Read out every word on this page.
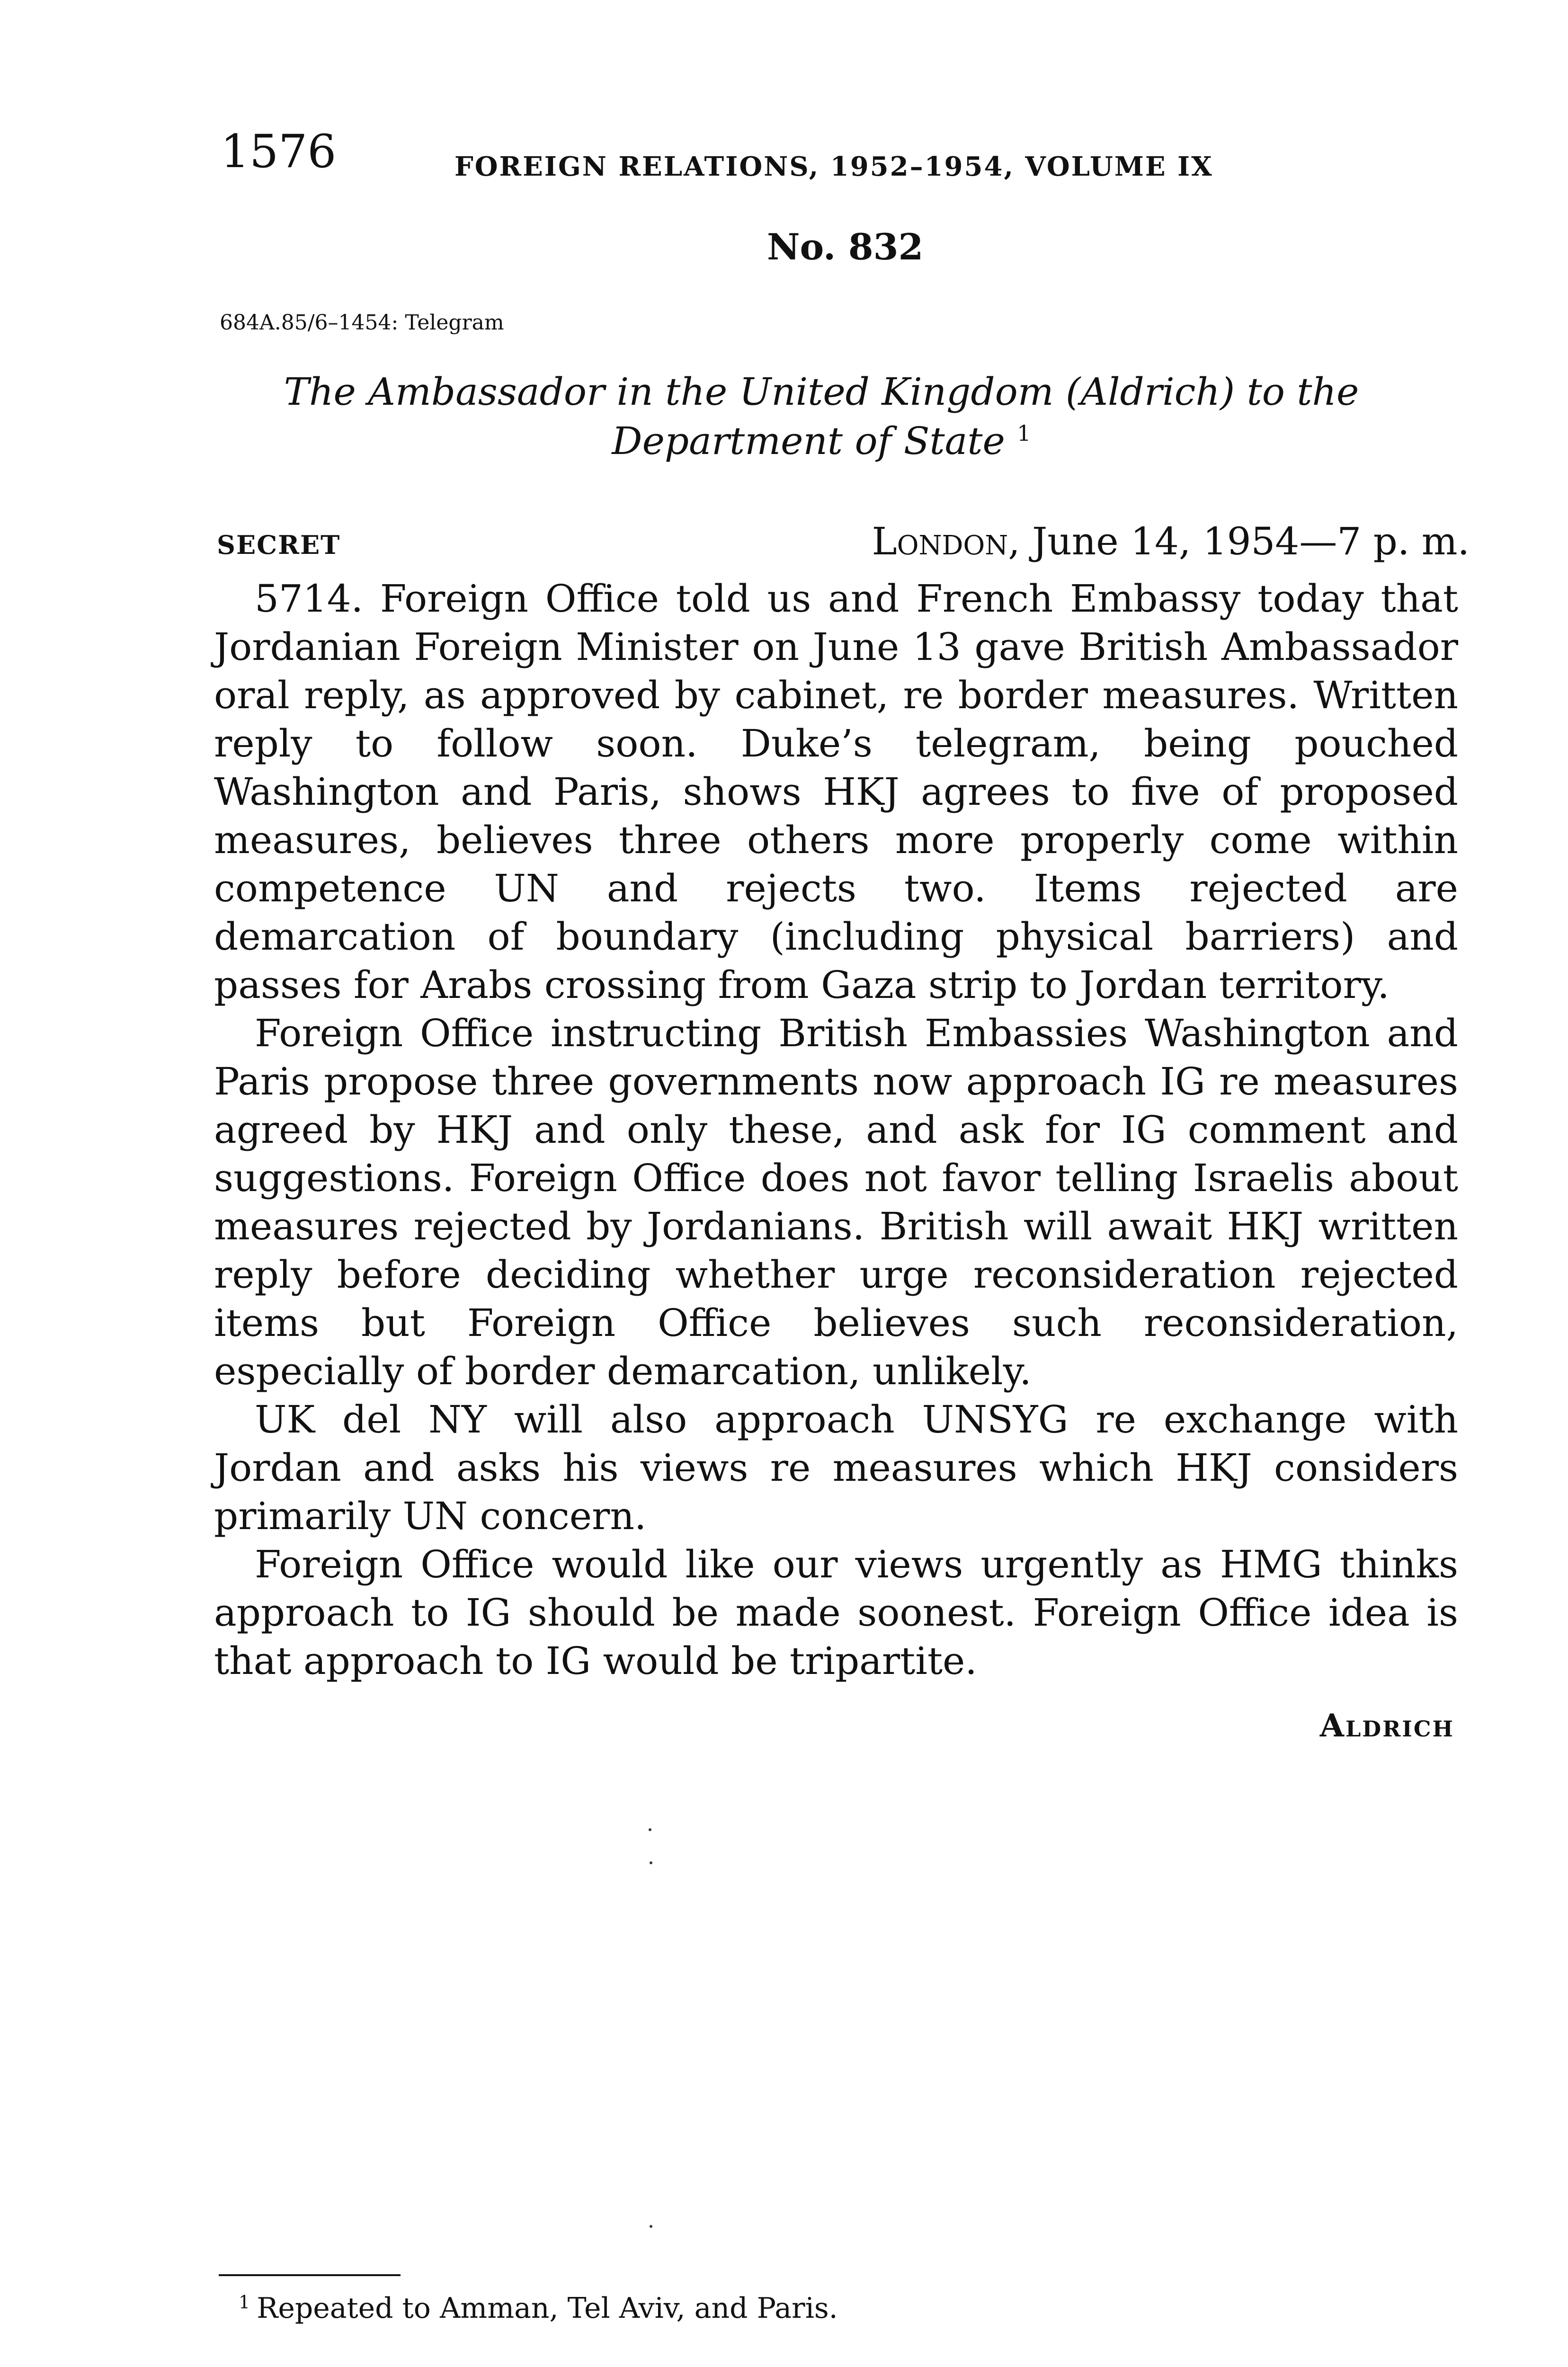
1576	FOREIGN RELATIONS, 1952–1954, VOLUME IX
No. 832
684A.85/6–1454: Telegram
The Ambassador in the United Kingdom (Aldrich) to the Department of State $^1$
SECRET	London, June 14, 1954—7 p. m.

5714. Foreign Office told us and French Embassy today that Jordanian Foreign Minister on June 13 gave British Ambassador oral reply, as approved by cabinet, re border measures. Written reply to follow soon. Duke’s telegram, being pouched Washington and Paris, shows HKJ agrees to five of proposed measures, believes three others more properly come within competence UN and rejects two. Items rejected are demarcation of boundary (including physical barriers) and passes for Arabs crossing from Gaza strip to Jordan territory.

Foreign Office instructing British Embassies Washington and Paris propose three governments now approach IG re measures agreed by HKJ and only these, and ask for IG comment and suggestions. Foreign Office does not favor telling Israelis about measures rejected by Jordanians. British will await HKJ written reply before deciding whether urge reconsideration rejected items but Foreign Office believes such reconsideration, especially of border demarcation, unlikely.

UK del NY will also approach UNSYG re exchange with Jordan and asks his views re measures which HKJ considers primarily UN concern.

Foreign Office would like our views urgently as HMG thinks approach to IG should be made soonest. Foreign Office idea is that approach to IG would be tripartite.

Aldrich
$^1$ Repeated to Amman, Tel Aviv, and Paris.
